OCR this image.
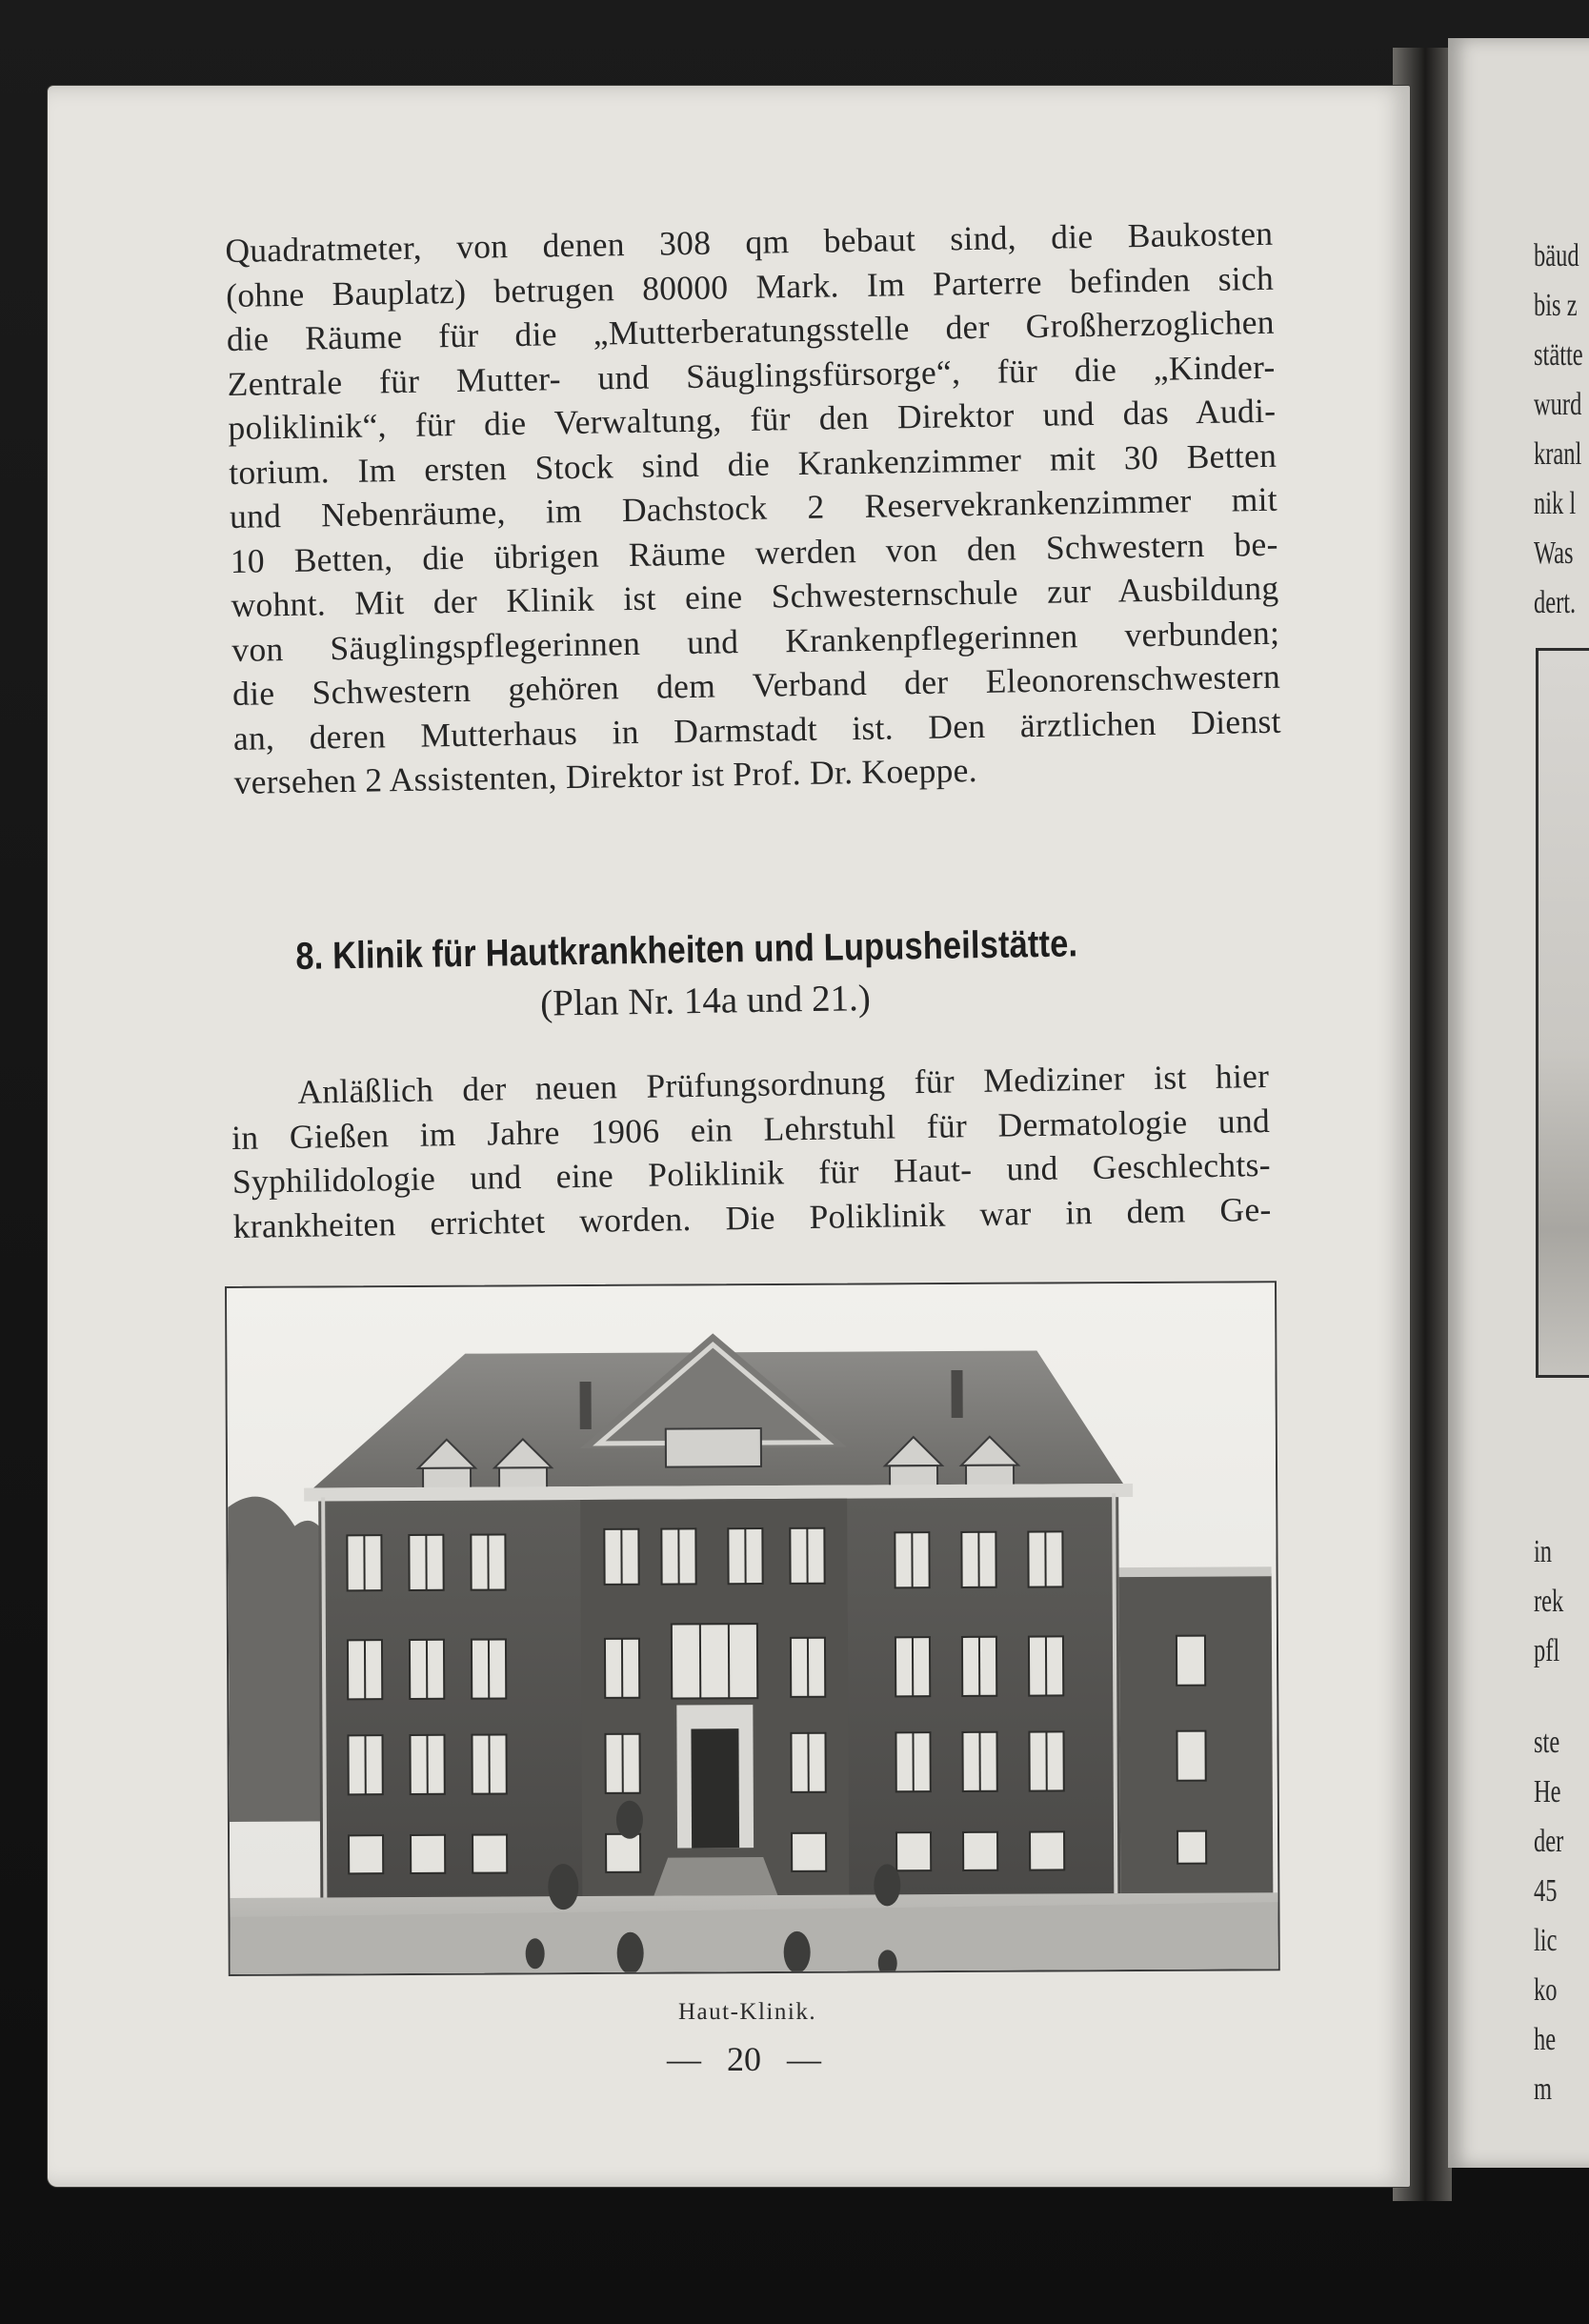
bäud
bis z
stätte
wurd
kranl
nik l
Was
dert.
in
rek
pfl
ste
He
der
45
lic
ko
he
m
Quadratmeter, von denen 308 qm bebaut sind, die Baukosten
(ohne Bauplatz) betrugen 80000 Mark. Im Parterre befinden sich
die Räume für die „Mutterberatungsstelle der Großherzoglichen
Zentrale für Mutter- und Säuglingsfürsorge“, für die „Kinder-
poliklinik“, für die Verwaltung, für den Direktor und das Audi-
torium. Im ersten Stock sind die Krankenzimmer mit 30 Betten
und Nebenräume, im Dachstock 2 Reservekrankenzimmer mit
10 Betten, die übrigen Räume werden von den Schwestern be-
wohnt. Mit der Klinik ist eine Schwesternschule zur Ausbildung
von Säuglingspflegerinnen und Krankenpflegerinnen verbunden;
die Schwestern gehören dem Verband der Eleonorenschwestern
an, deren Mutterhaus in Darmstadt ist. Den ärztlichen Dienst
versehen 2 Assistenten, Direktor ist Prof. Dr. Koeppe.
8. Klinik für Hautkrankheiten und Lupusheilstätte.
(Plan Nr. 14a und 21.)
Anläßlich der neuen Prüfungsordnung für Mediziner ist hier
in Gießen im Jahre 1906 ein Lehrstuhl für Dermatologie und
Syphilidologie und eine Poliklinik für Haut- und Geschlechts-
krankheiten errichtet worden. Die Poliklinik war in dem Ge-
Haut-Klinik.
— 20 —
